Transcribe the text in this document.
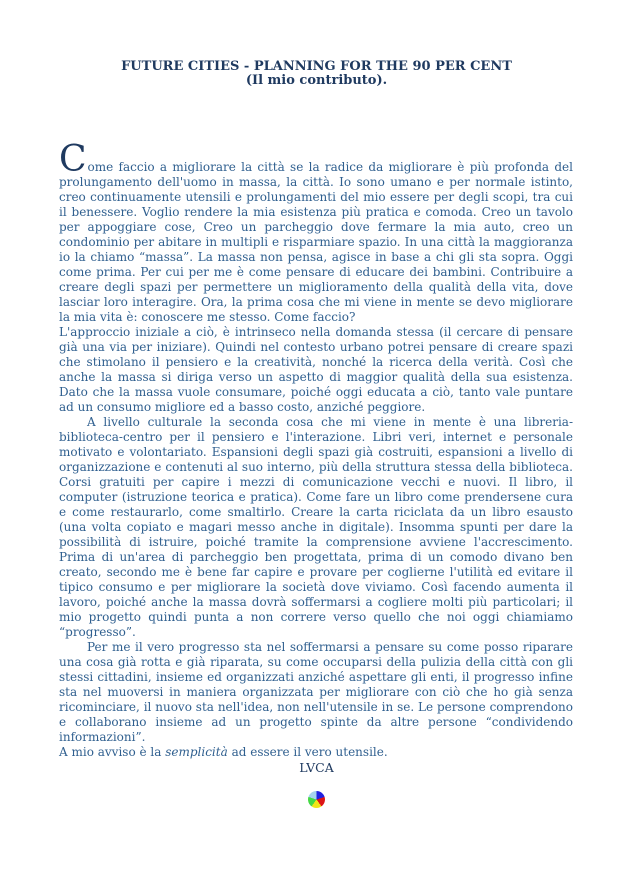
FUTURE CITIES - PLANNING FOR THE 90 PER CENT
(Il mio contributo).

Come faccio a migliorare la città se la radice da migliorare è più profonda del prolungamento dell'uomo in massa, la città. Io sono umano e per normale istinto, creo continuamente utensili e prolungamenti del mio essere per degli scopi, tra cui il benessere. Voglio rendere la mia esistenza più pratica e comoda. Creo un tavolo per appoggiare cose, Creo un parcheggio dove fermare la mia auto, creo un condominio per abitare in multipli e risparmiare spazio. In una città la maggioranza io la chiamo “massa”. La massa non pensa, agisce in base a chi gli sta sopra. Oggi come prima. Per cui per me è come pensare di educare dei bambini. Contribuire a creare degli spazi per permettere un miglioramento della qualità della vita, dove lasciar loro interagire. Ora, la prima cosa che mi viene in mente se devo migliorare la mia vita è: conoscere me stesso. Come faccio?

L'approccio iniziale a ciò, è intrinseco nella domanda stessa (il cercare di pensare già una via per iniziare). Quindi nel contesto urbano potrei pensare di creare spazi che stimolano il pensiero e la creatività, nonché la ricerca della verità. Così che anche la massa si diriga verso un aspetto di maggior qualità della sua esistenza. Dato che la massa vuole consumare, poiché oggi educata a ciò, tanto vale puntare ad un consumo migliore ed a basso costo, anziché peggiore.

A livello culturale la seconda cosa che mi viene in mente è una libreria-biblioteca-centro per il pensiero e l'interazione. Libri veri, internet e personale motivato e volontariato. Espansioni degli spazi già costruiti, espansioni a livello di organizzazione e contenuti al suo interno, più della struttura stessa della biblioteca. Corsi gratuiti per capire i mezzi di comunicazione vecchi e nuovi. Il libro, il computer (istruzione teorica e pratica). Come fare un libro come prendersene cura e come restaurarlo, come smaltirlo. Creare la carta riciclata da un libro esausto (una volta copiato e magari messo anche in digitale). Insomma spunti per dare la possibilità di istruire, poiché tramite la comprensione avviene l'accrescimento. Prima di un'area di parcheggio ben progettata, prima di un comodo divano ben creato, secondo me è bene far capire e provare per coglierne l'utilità ed evitare il tipico consumo e per migliorare la società dove viviamo. Così facendo aumenta il lavoro, poiché anche la massa dovrà soffermarsi a cogliere molti più particolari; il mio progetto quindi punta a non correre verso quello che noi oggi chiamiamo “progresso”.

Per me il vero progresso sta nel soffermarsi a pensare su come posso riparare una cosa già rotta e già riparata, su come occuparsi della pulizia della città con gli stessi cittadini, insieme ed organizzati anziché aspettare gli enti, il progresso infine sta nel muoversi in maniera organizzata per migliorare con ciò che ho già senza ricominciare, il nuovo sta nell'idea, non nell'utensile in se. Le persone comprendono e collaborano insieme ad un progetto spinte da altre persone “condividendo informazioni”.

A mio avviso è la semplicità ad essere il vero utensile.

LVCA
